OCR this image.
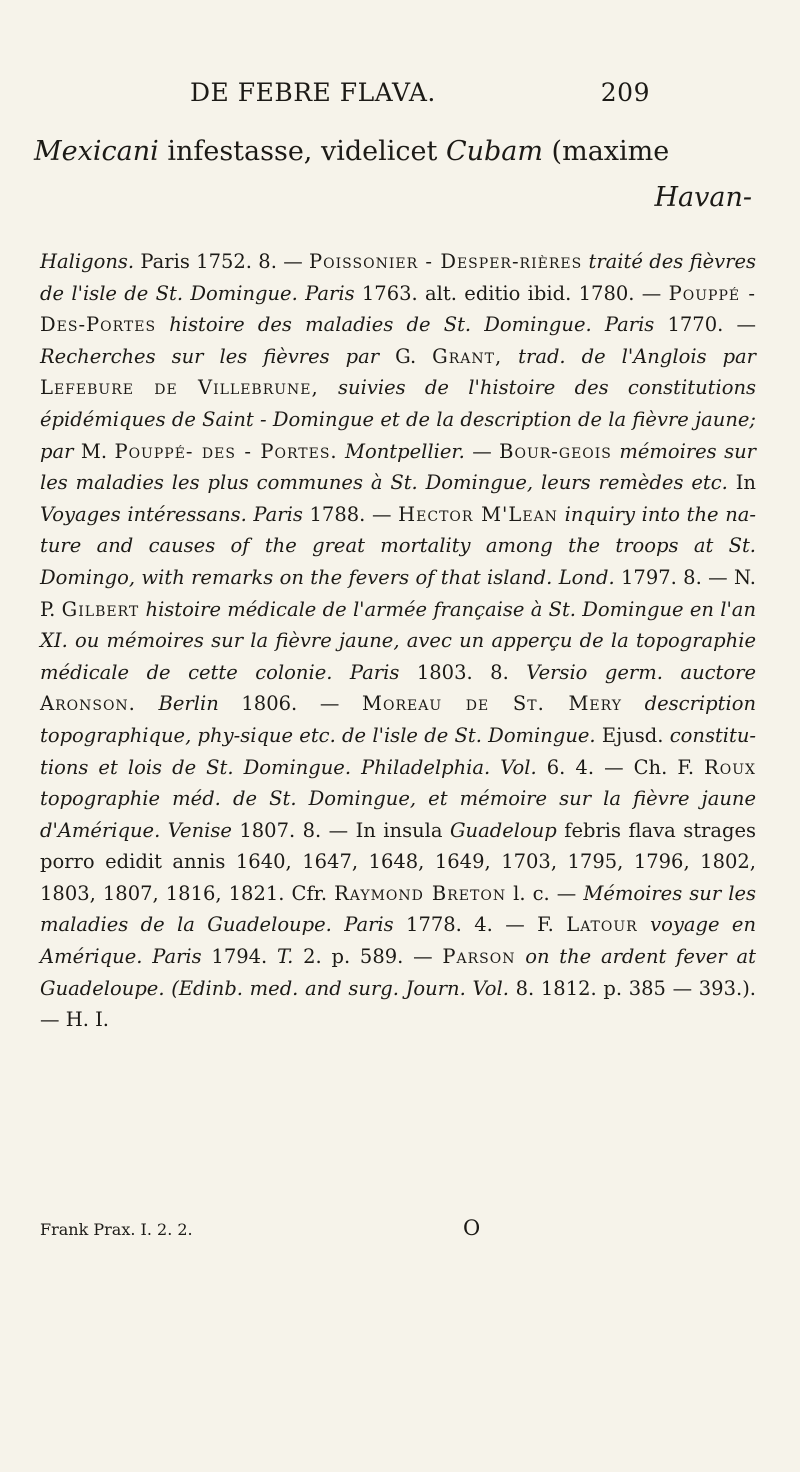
DE FEBRE FLAVA.	209
Mexicani infestasse, videlicet Cubam (maxime
Havan-

Haligons. Paris 1752. 8. — Poissonier - Desper-rières traité des fièvres de l'isle de St. Domingue. Paris 1763. alt. editio ibid. 1780. — Pouppé - Des-Portes histoire des maladies de St. Domingue. Paris 1770. — Recherches sur les fièvres par G. Grant, trad. de l'Anglois par Lefebure de Villebrune, suivies de l'histoire des constitutions épidémiques de Saint - Domingue et de la description de la fièvre jaune; par M. Pouppé- des - Portes. Montpellier. — Bour-geois mémoires sur les maladies les plus communes à St. Domingue, leurs remèdes etc. In Voyages intéressans. Paris 1788. — Hector M'Lean inquiry into the na-ture and causes of the great mortality among the troops at St. Domingo, with remarks on the fevers of that island. Lond. 1797. 8. — N. P. Gilbert histoire médicale de l'armée française à St. Domingue en l'an XI. ou mémoires sur la fièvre jaune, avec un apperçu de la topographie médicale de cette colonie. Paris 1803. 8. Versio germ. auctore Aronson. Berlin 1806. — Moreau de St. Mery description topographique, phy-sique etc. de l'isle de St. Domingue. Ejusd. constitu-tions et lois de St. Domingue. Philadelphia. Vol. 6. 4. — Ch. F. Roux topographie méd. de St. Domingue, et mémoire sur la fièvre jaune d'Amérique. Venise 1807. 8. — In insula Guadeloup febris flava strages porro edidit annis 1640, 1647, 1648, 1649, 1703, 1795, 1796, 1802, 1803, 1807, 1816, 1821. Cfr. Raymond Breton l. c. — Mémoires sur les maladies de la Guadeloupe. Paris 1778. 4. — F. Latour voyage en Amérique. Paris 1794. T. 2. p. 589. — Parson on the ardent fever at Guadeloupe. (Edinb. med. and surg. Journ. Vol. 8. 1812. p. 385 — 393.). — H. I.

Frank Prax. I. 2. 2.	O
